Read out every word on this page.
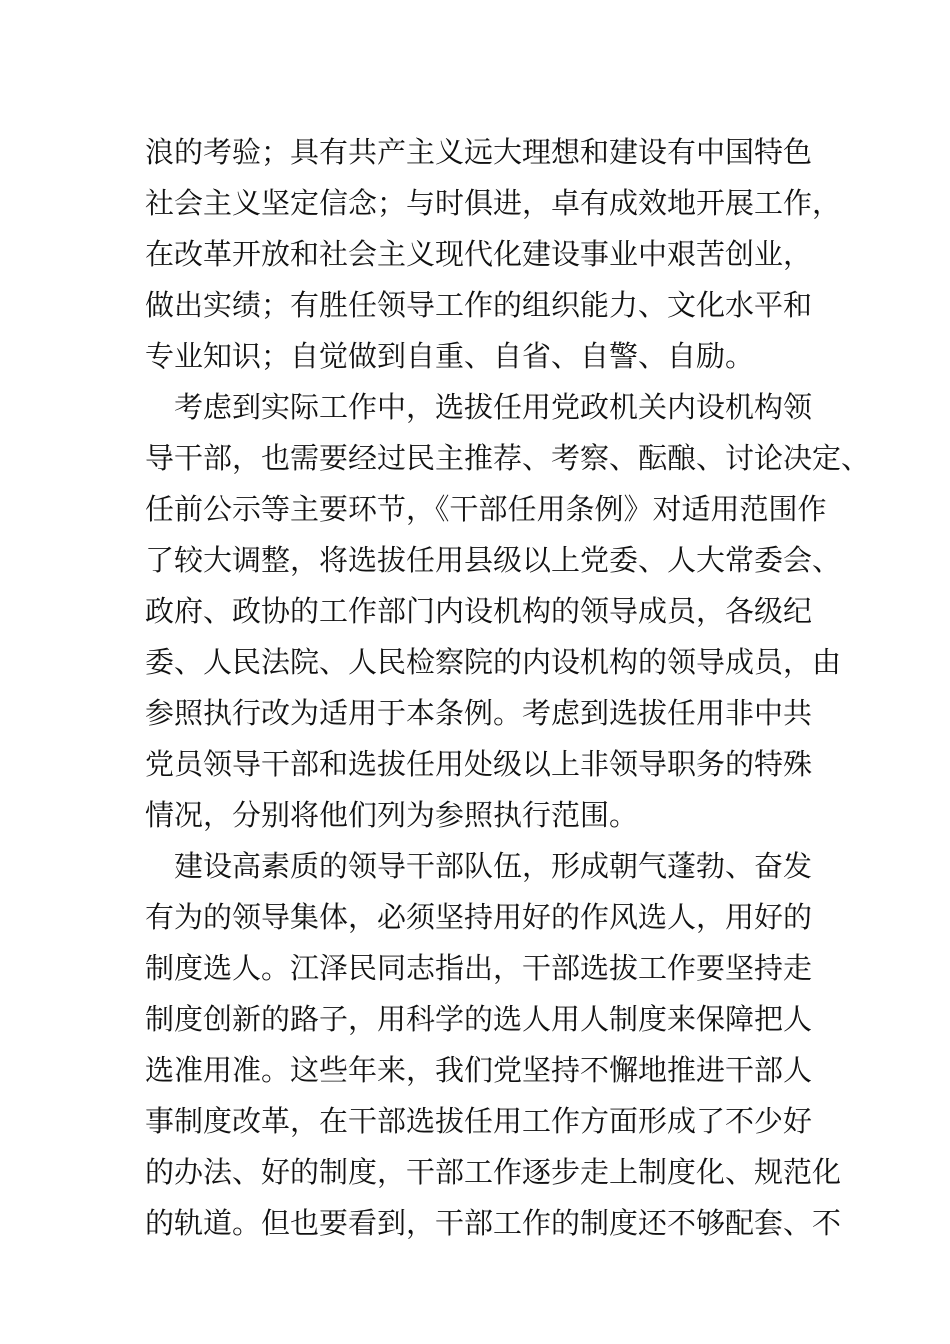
浪的考验；具有共产主义远大理想和建设有中国特色
社会主义坚定信念；与时俱进，卓有成效地开展工作，
在改革开放和社会主义现代化建设事业中艰苦创业，
做出实绩；有胜任领导工作的组织能力、文化水平和
专业知识；自觉做到自重、自省、自警、自励。
　考虑到实际工作中，选拔任用党政机关内设机构领
导干部，也需要经过民主推荐、考察、酝酿、讨论决定、
任前公示等主要环节，《干部任用条例》对适用范围作
了较大调整，将选拔任用县级以上党委、人大常委会、
政府、政协的工作部门内设机构的领导成员，各级纪
委、人民法院、人民检察院的内设机构的领导成员，由
参照执行改为适用于本条例。考虑到选拔任用非中共
党员领导干部和选拔任用处级以上非领导职务的特殊
情况，分别将他们列为参照执行范围。
　建设高素质的领导干部队伍，形成朝气蓬勃、奋发
有为的领导集体，必须坚持用好的作风选人，用好的
制度选人。江泽民同志指出，干部选拔工作要坚持走
制度创新的路子，用科学的选人用人制度来保障把人
选准用准。这些年来，我们党坚持不懈地推进干部人
事制度改革，在干部选拔任用工作方面形成了不少好
的办法、好的制度，干部工作逐步走上制度化、规范化
的轨道。但也要看到，干部工作的制度还不够配套、不
